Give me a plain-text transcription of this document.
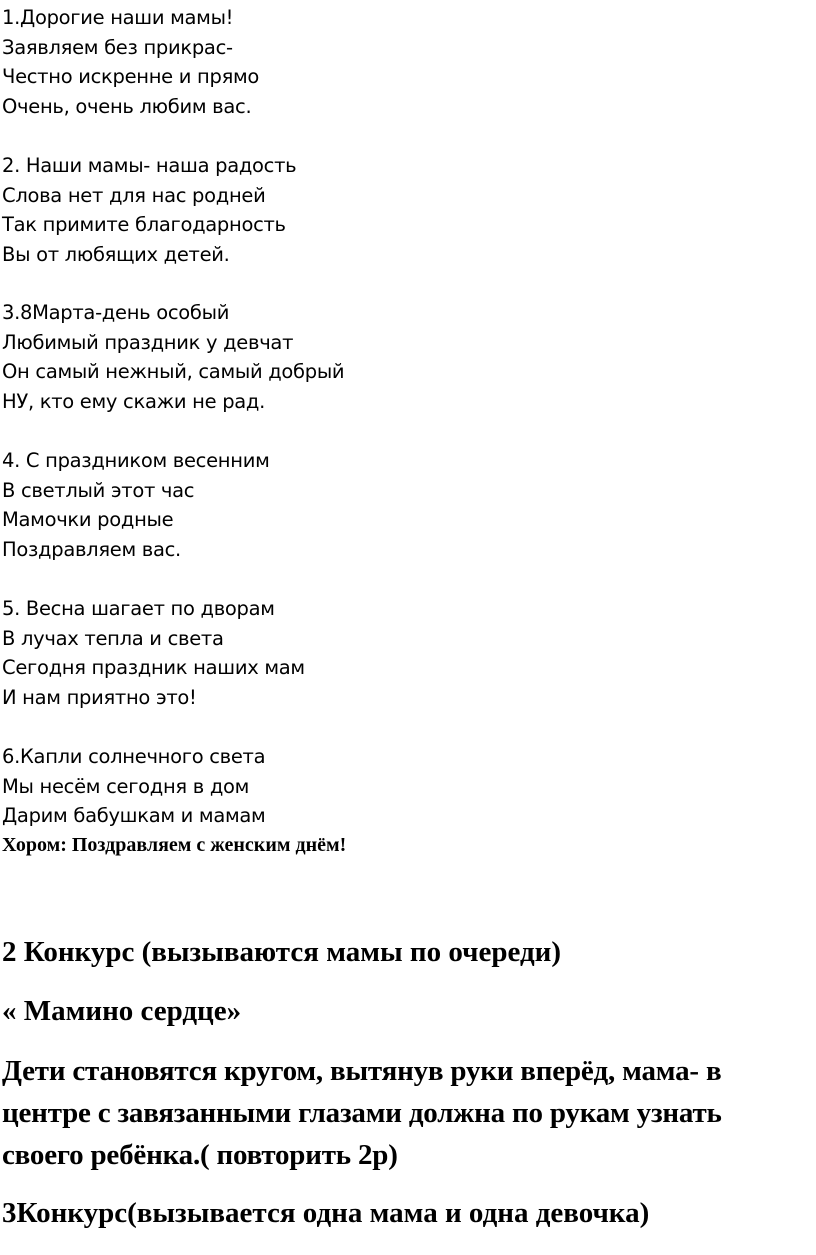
1.Дорогие наши мамы!
Заявляем без прикрас-
Честно искренне и прямо
Очень, очень любим вас.
2. Наши мамы- наша радость
Слова нет для нас родней
Так примите благодарность
Вы от любящих детей.
3.8Марта-день особый
Любимый праздник у девчат
Он самый нежный, самый добрый
НУ, кто ему скажи не рад.
4. С праздником весенним
В светлый этот час
Мамочки родные
Поздравляем вас.
5. Весна шагает по дворам
В лучах тепла и света
Сегодня праздник наших мам
И нам приятно это!
6.Капли солнечного света
Мы несём сегодня в дом
Дарим бабушкам и мамам
Хором: Поздравляем с женским днём!
2 Конкурс (вызываются мамы по очереди)
« Мамино сердце»
Дети становятся кругом, вытянув руки вперёд, мама- в
центре с завязанными глазами должна по рукам узнать
своего ребёнка.( повторить 2р)
3Конкурс(вызывается одна мама и одна девочка)
